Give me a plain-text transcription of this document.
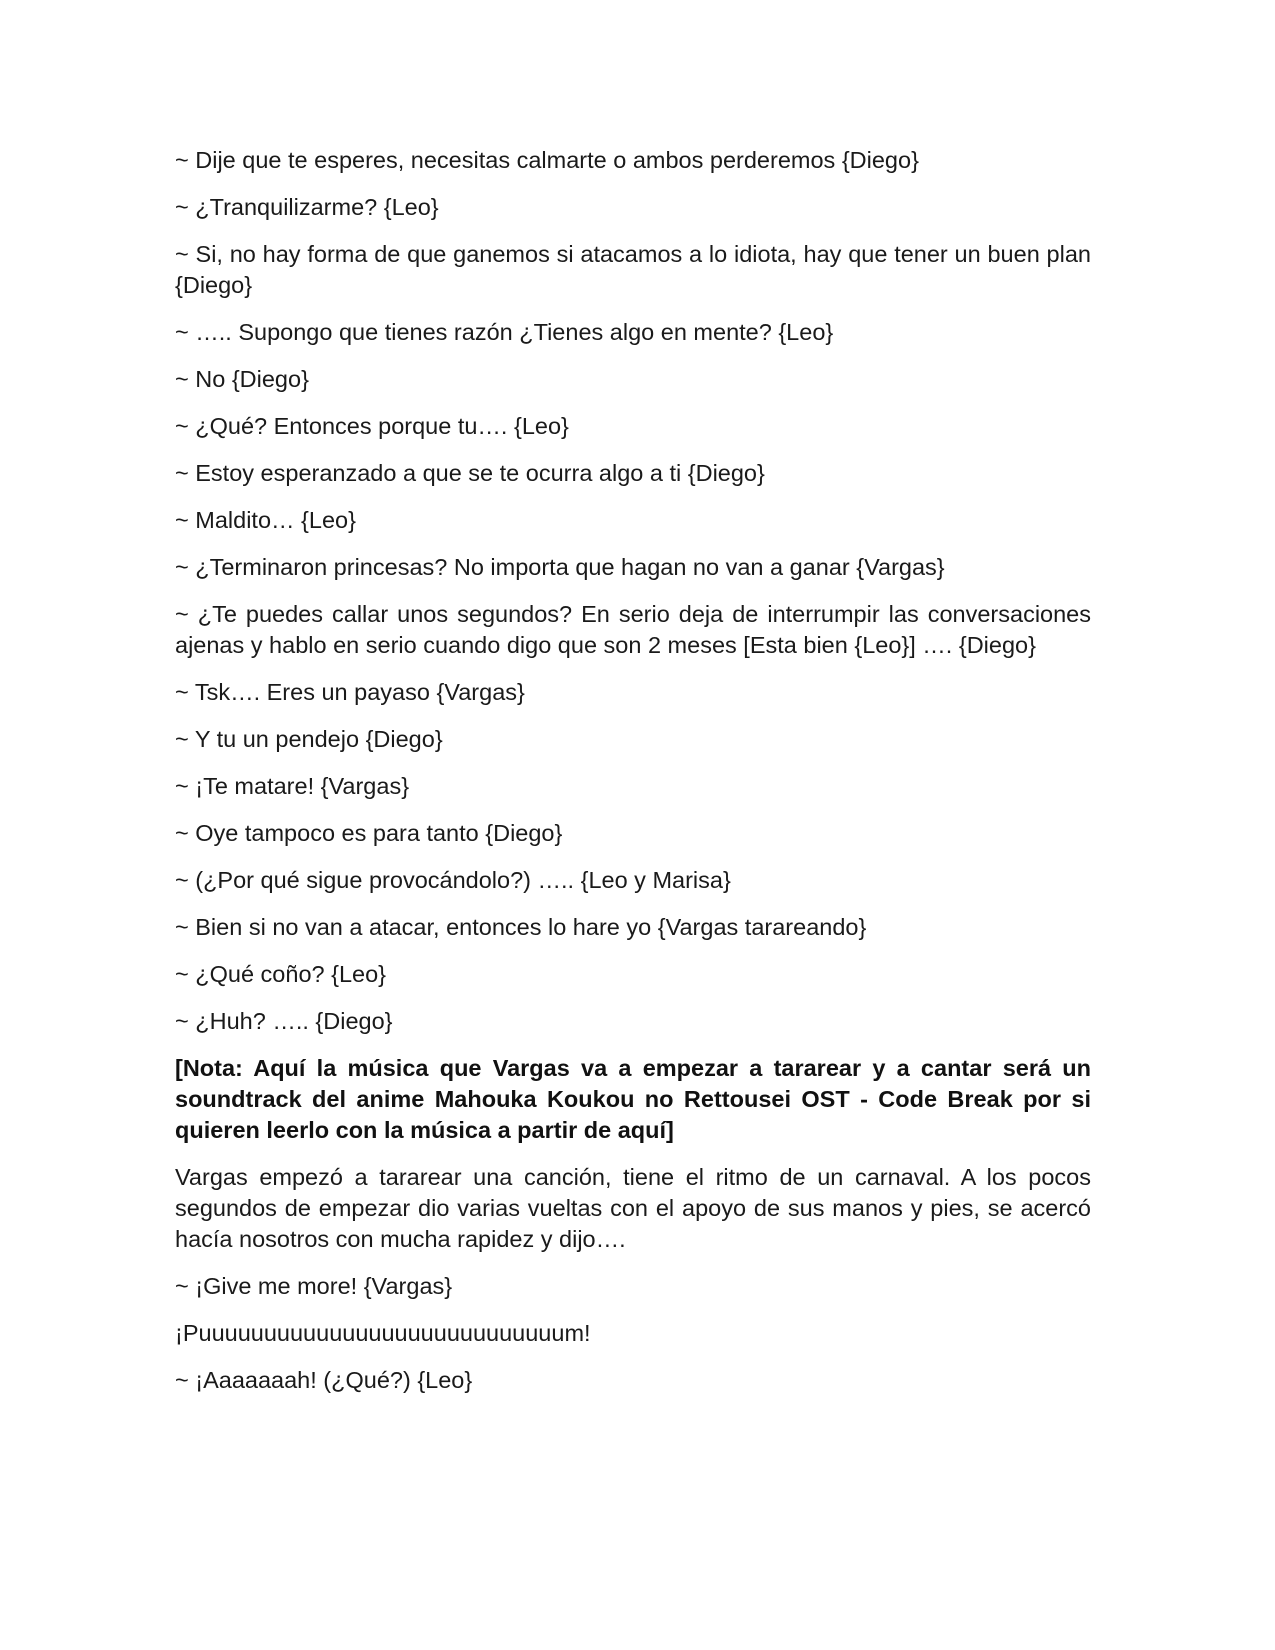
~ Dije que te esperes, necesitas calmarte o ambos perderemos {Diego}

~ ¿Tranquilizarme? {Leo}

~ Si, no hay forma de que ganemos si atacamos a lo idiota, hay que tener un buen plan {Diego}

~ ….. Supongo que tienes razón ¿Tienes algo en mente? {Leo}

~ No {Diego}

~ ¿Qué? Entonces porque tu…. {Leo}

~ Estoy esperanzado a que se te ocurra algo a ti {Diego}

~ Maldito… {Leo}

~ ¿Terminaron princesas? No importa que hagan no van a ganar {Vargas}

~ ¿Te puedes callar unos segundos? En serio deja de interrumpir las conversaciones ajenas y hablo en serio cuando digo que son 2 meses [Esta bien {Leo}] …. {Diego}

~ Tsk…. Eres un payaso {Vargas}

~ Y tu un pendejo {Diego}

~ ¡Te matare! {Vargas}

~ Oye tampoco es para tanto {Diego}

~ (¿Por qué sigue provocándolo?) ….. {Leo y Marisa}

~ Bien si no van a atacar, entonces lo hare yo {Vargas tarareando}

~ ¿Qué coño? {Leo}

~ ¿Huh? ….. {Diego}

[Nota: Aquí la música que Vargas va a empezar a tararear y a cantar será un soundtrack del anime Mahouka Koukou no Rettousei OST - Code Break por si quieren leerlo con la música a partir de aquí]

Vargas empezó a tararear una canción, tiene el ritmo de un carnaval. A los pocos segundos de empezar dio varias vueltas con el apoyo de sus manos y pies, se acercó hacía nosotros con mucha rapidez y dijo….

~ ¡Give me more! {Vargas}

¡Puuuuuuuuuuuuuuuuuuuuuuuuuuuum!

~ ¡Aaaaaaah! (¿Qué?) {Leo}
